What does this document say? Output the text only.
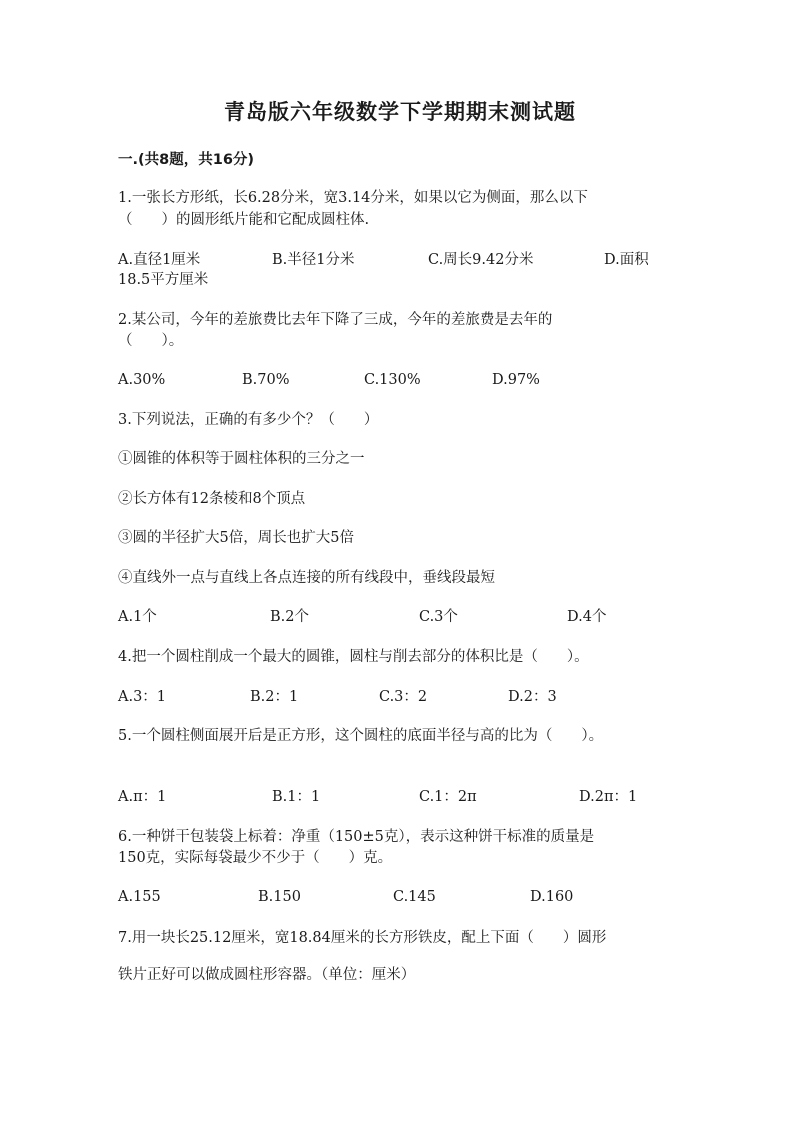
青岛版六年级数学下学期期末测试题
一.(共8题，共16分)
1.一张长方形纸，长6.28分米，宽3.14分米，如果以它为侧面，那么以下
（　　）的圆形纸片能和它配成圆柱体.
A.直径1厘米	B.半径1分米	C.周长9.42分米	D.面积
18.5平方厘米
2.某公司，今年的差旅费比去年下降了三成，今年的差旅费是去年的
（　　）。
A.30%	B.70%	C.130%	D.97%
3.下列说法，正确的有多少个？（　　）
①圆锥的体积等于圆柱体积的三分之一
②长方体有12条棱和8个顶点
③圆的半径扩大5倍，周长也扩大5倍
④直线外一点与直线上各点连接的所有线段中，垂线段最短
A.1个	B.2个	C.3个	D.4个
4.把一个圆柱削成一个最大的圆锥，圆柱与削去部分的体积比是（　　）。
A.3：1	B.2：1	C.3：2	D.2：3
5.一个圆柱侧面展开后是正方形，这个圆柱的底面半径与高的比为（　　）。
A.π：1	B.1：1	C.1：2π	D.2π：1
6.一种饼干包装袋上标着：净重（150±5克），表示这种饼干标准的质量是
150克，实际每袋最少不少于（　　）克。
A.155	B.150	C.145	D.160
7.用一块长25.12厘米，宽18.84厘米的长方形铁皮，配上下面（　　）圆形
铁片正好可以做成圆柱形容器。（单位：厘米）
